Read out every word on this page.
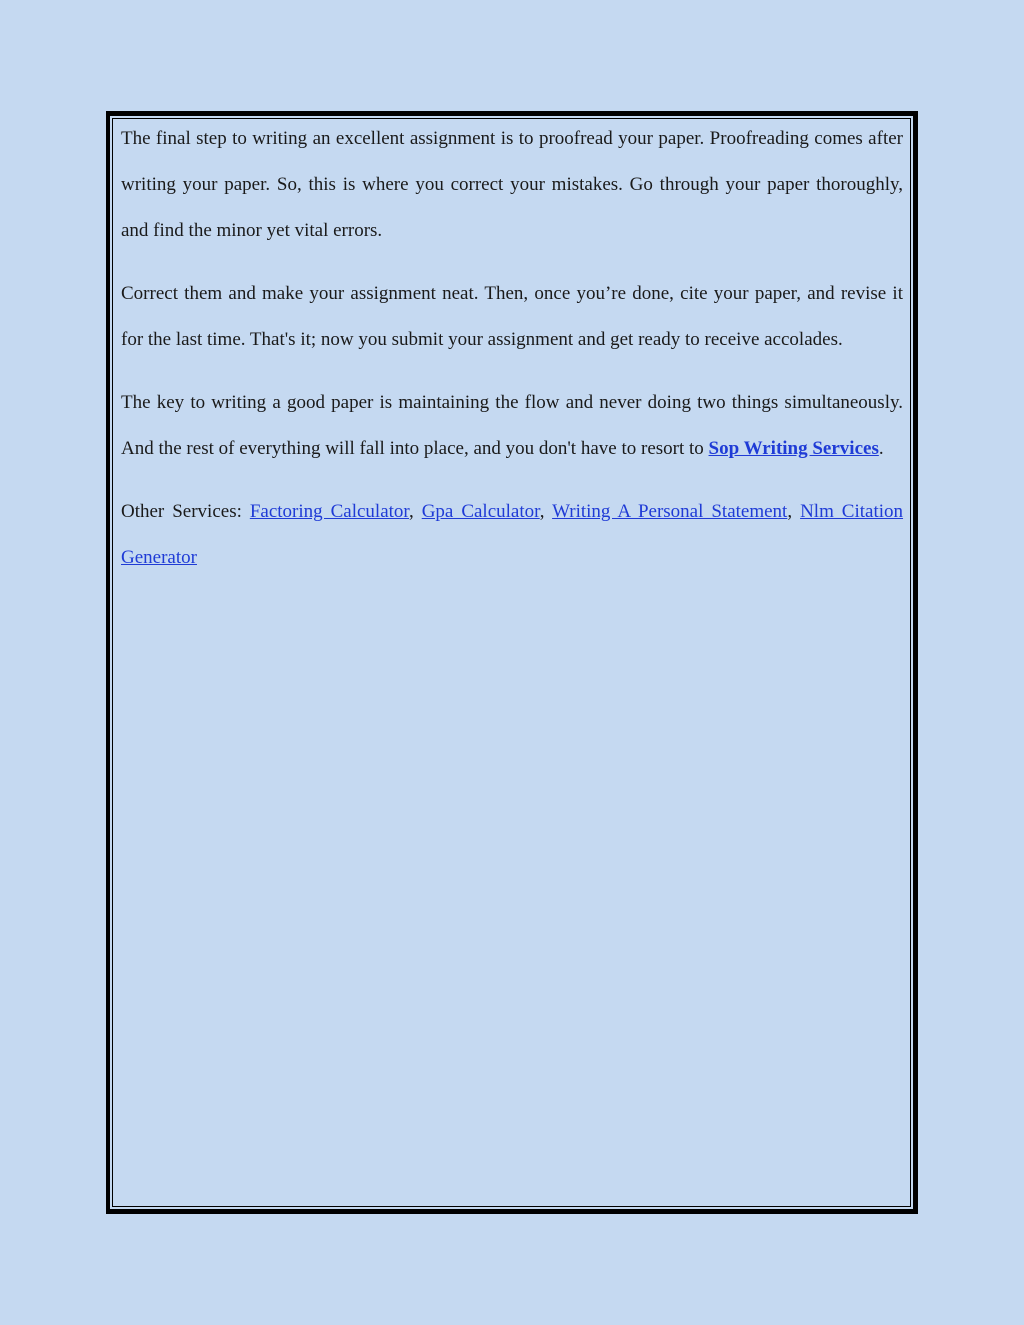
The final step to writing an excellent assignment is to proofread your paper. Proofreading comes after writing your paper. So, this is where you correct your mistakes. Go through your paper thoroughly, and find the minor yet vital errors.

Correct them and make your assignment neat. Then, once you’re done, cite your paper, and revise it for the last time. That's it; now you submit your assignment and get ready to receive accolades.

The key to writing a good paper is maintaining the flow and never doing two things simultaneously. And the rest of everything will fall into place, and you don't have to resort to Sop Writing Services.

Other Services: Factoring Calculator, Gpa Calculator, Writing A Personal Statement, Nlm Citation Generator
